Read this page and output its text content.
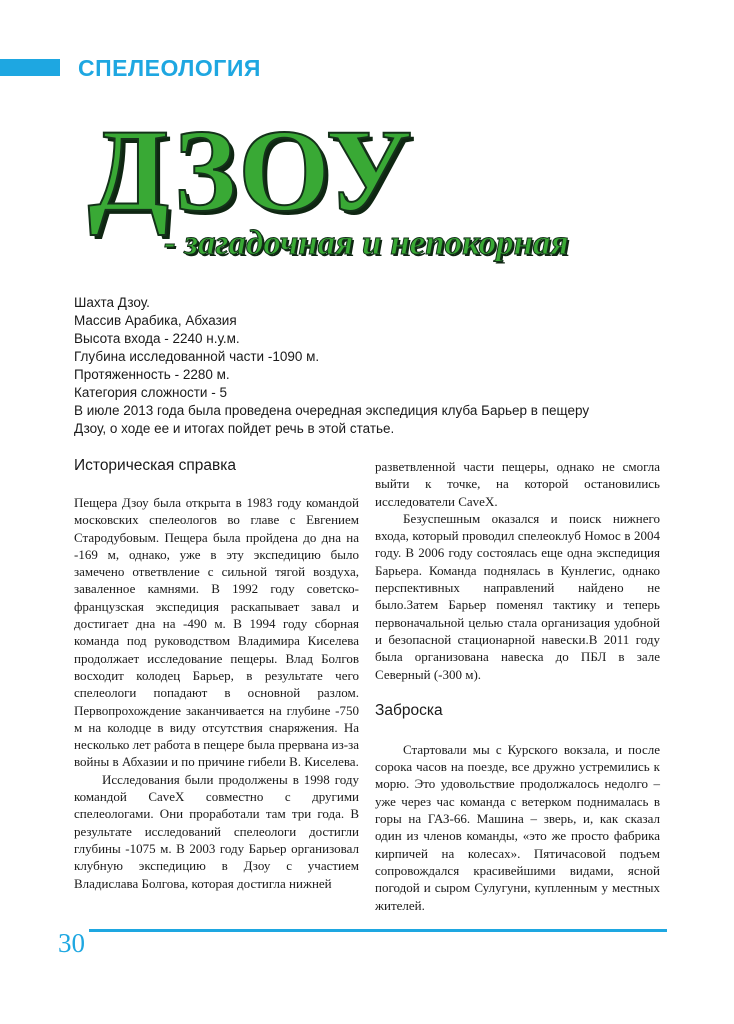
СПЕЛЕОЛОГИЯ
ДЗОУ
- загадочная и непокорная
Шахта Дзоу.
Массив Арабика, Абхазия
Высота входа - 2240 н.у.м.
Глубина исследованной части -1090 м.
Протяженность - 2280 м.
Категория сложности - 5
В июле 2013 года была проведена очередная экспедиция клуба Барьер в пещеру Дзоу, о ходе ее и итогах пойдет речь в этой статье.
Историческая справка

Пещера Дзоу была открыта в 1983 году командой московских спелеологов во главе с Евгением Стародубовым. Пещера была пройдена до дна на -169 м, однако, уже в эту экспедицию было замечено ответвление с сильной тягой воздуха, заваленное камнями. В 1992 году советско-французская экспедиция раскапывает завал и достигает дна на -490 м. В 1994 году сборная команда под руководством Владимира Киселева продолжает исследование пещеры. Влад Болгов восходит колодец Барьер, в результате чего спелеологи попадают в основной разлом. Первопрохождение заканчивается на глубине -750 м на колодце в виду отсутствия снаряжения. На несколько лет работа в пещере была прервана из-за войны в Абхазии и по причине гибели В. Киселева.

Исследования были продолжены в 1998 году командой CaveX совместно с другими спелеологами. Они проработали там три года. В результате исследований спелеологи достигли глубины -1075 м. В 2003 году Барьер организовал клубную экспедицию в Дзоу с участием Владислава Болгова, которая достигла нижней

разветвленной части пещеры, однако не смогла выйти к точке, на которой остановились исследователи CaveX.

Безуспешным оказался и поиск нижнего входа, который проводил спелеоклуб Номос в 2004 году. В 2006 году состоялась еще одна экспедиция Барьера. Команда поднялась в Кунлегис, однако перспективных направлений найдено не было.Затем Барьер поменял тактику и теперь первоначальной целью стала организация удобной и безопасной стационарной навески.В 2011 году была организована навеска до ПБЛ в зале Северный (-300 м).

Заброска

Стартовали мы с Курского вокзала, и после сорока часов на поезде, все дружно устремились к морю. Это удовольствие продолжалось недолго – уже через час команда с ветерком поднималась в горы на ГАЗ-66. Машина – зверь, и, как сказал один из членов команды, «это же просто фабрика кирпичей на колесах». Пятичасовой подъем сопровождался красивейшими видами, ясной погодой и сыром Сулугуни, купленным у местных жителей.

30
